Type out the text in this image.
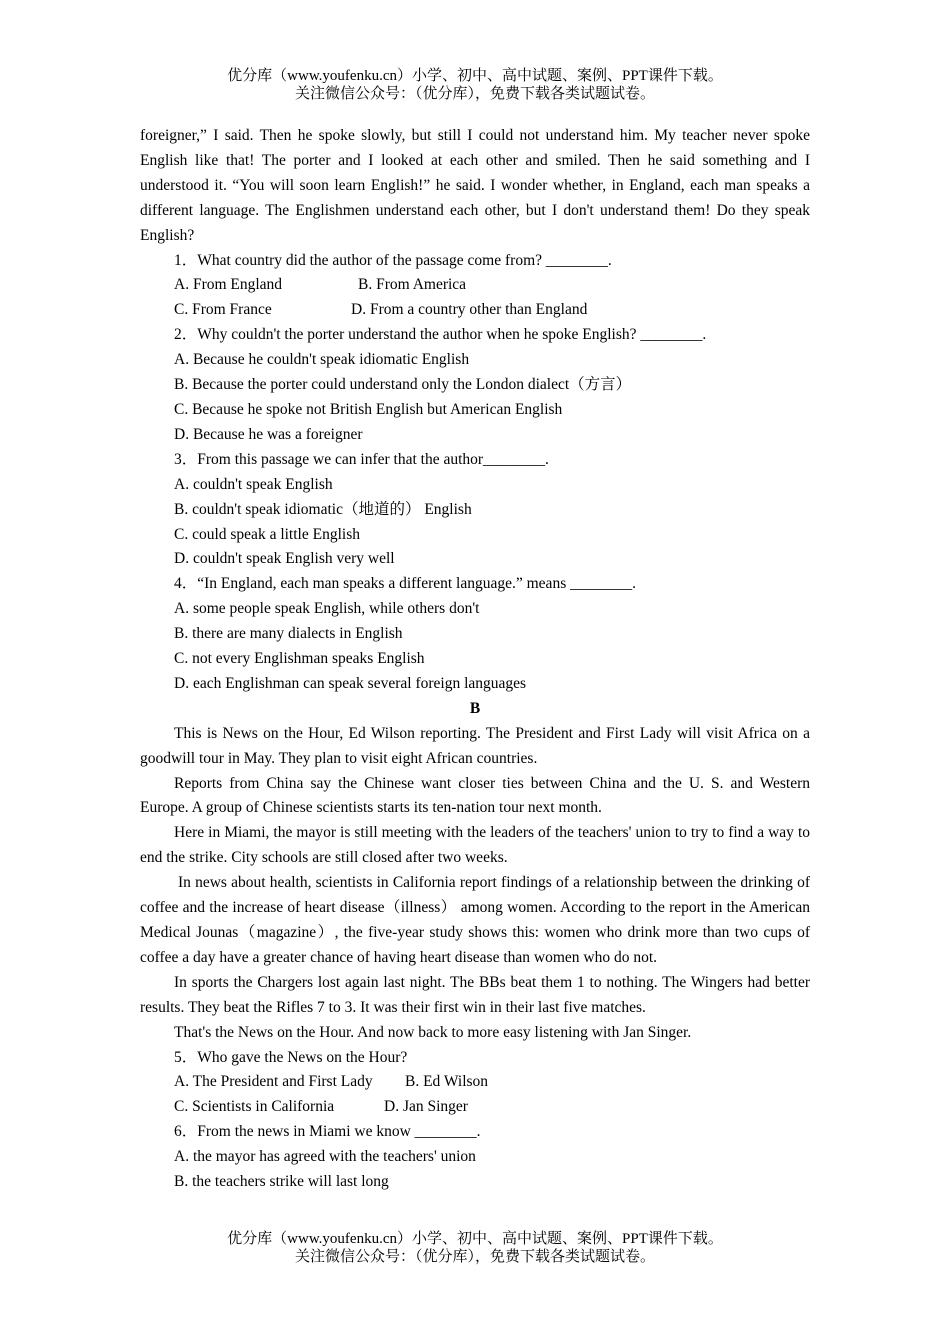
优分库（www.youfenku.cn）小学、初中、高中试题、案例、PPT课件下载。
关注微信公众号：（优分库），免费下载各类试题试卷。

foreigner,” I said. Then he spoke slowly, but still I could not understand him. My teacher never spoke English like that! The porter and I looked at each other and smiled. Then he said something and I understood it. “You will soon learn English!” he said. I wonder whether, in England, each man speaks a different language. The Englishmen understand each other, but I don't understand them! Do they speak English?

1．What country did the author of the passage come from? ________.

A. From England	B. From America

C. From France	D. From a country other than England

2．Why couldn't the porter understand the author when he spoke English? ________.

A. Because he couldn't speak idiomatic English

B. Because the porter could understand only the London dialect（方言）

C. Because he spoke not British English but American English

D. Because he was a foreigner

3．From this passage we can infer that the author________.

A. couldn't speak English

B. couldn't speak idiomatic（地道的） English

C. could speak a little English

D. couldn't speak English very well

4．“In England, each man speaks a different language.” means ________.

A. some people speak English, while others don't

B. there are many dialects in English

C. not every Englishman speaks English

D. each Englishman can speak several foreign languages

B

This is News on the Hour, Ed Wilson reporting. The President and First Lady will visit Africa on a goodwill tour in May. They plan to visit eight African countries.

Reports from China say the Chinese want closer ties between China and the U. S. and Western Europe. A group of Chinese scientists starts its ten-nation tour next month.

Here in Miami, the mayor is still meeting with the leaders of the teachers' union to try to find a way to end the strike. City schools are still closed after two weeks.

In news about health, scientists in California report findings of a relationship between the drinking of coffee and the increase of heart disease（illness） among women. According to the report in the American Medical Jounas（magazine）, the five-year study shows this: women who drink more than two cups of coffee a day have a greater chance of having heart disease than women who do not.

In sports the Chargers lost again last night. The BBs beat them 1 to nothing. The Wingers had better results. They beat the Rifles 7 to 3. It was their first win in their last five matches.

That's the News on the Hour. And now back to more easy listening with Jan Singer.

5．Who gave the News on the Hour?

A. The President and First Lady B. Ed Wilson

C. Scientists in California	D. Jan Singer

6．From the news in Miami we know ________.

A. the mayor has agreed with the teachers' union

B. the teachers strike will last long

优分库（www.youfenku.cn）小学、初中、高中试题、案例、PPT课件下载。
关注微信公众号：（优分库），免费下载各类试题试卷。
